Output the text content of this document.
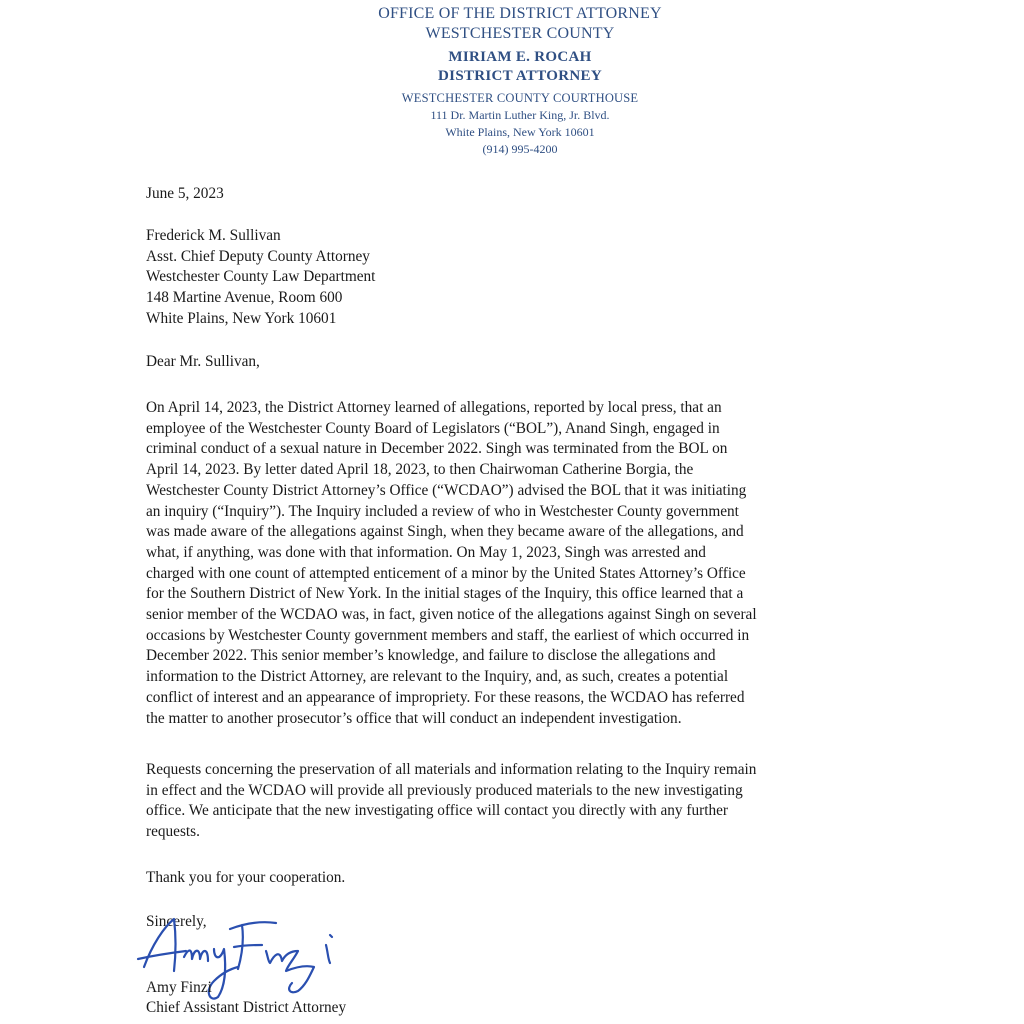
OFFICE OF THE DISTRICT ATTORNEY
WESTCHESTER COUNTY
MIRIAM E. ROCAH
DISTRICT ATTORNEY
WESTCHESTER COUNTY COURTHOUSE
111 Dr. Martin Luther King, Jr. Blvd.
White Plains, New York 10601
(914) 995-4200
June 5, 2023
Frederick M. Sullivan
Asst. Chief Deputy County Attorney
Westchester County Law Department
148 Martine Avenue, Room 600
White Plains, New York 10601
Dear Mr. Sullivan,
On April 14, 2023, the District Attorney learned of allegations, reported by local press, that an
employee of the Westchester County Board of Legislators (“BOL”), Anand Singh, engaged in
criminal conduct of a sexual nature in December 2022. Singh was terminated from the BOL on
April 14, 2023. By letter dated April 18, 2023, to then Chairwoman Catherine Borgia, the
Westchester County District Attorney’s Office (“WCDAO”) advised the BOL that it was initiating
an inquiry (“Inquiry”). The Inquiry included a review of who in Westchester County government
was made aware of the allegations against Singh, when they became aware of the allegations, and
what, if anything, was done with that information. On May 1, 2023, Singh was arrested and
charged with one count of attempted enticement of a minor by the United States Attorney’s Office
for the Southern District of New York. In the initial stages of the Inquiry, this office learned that a
senior member of the WCDAO was, in fact, given notice of the allegations against Singh on several
occasions by Westchester County government members and staff, the earliest of which occurred in
December 2022. This senior member’s knowledge, and failure to disclose the allegations and
information to the District Attorney, are relevant to the Inquiry, and, as such, creates a potential
conflict of interest and an appearance of impropriety. For these reasons, the WCDAO has referred
the matter to another prosecutor’s office that will conduct an independent investigation.
Requests concerning the preservation of all materials and information relating to the Inquiry remain
in effect and the WCDAO will provide all previously produced materials to the new investigating
office. We anticipate that the new investigating office will contact you directly with any further
requests.
Thank you for your cooperation.
Sincerely,
Amy Finzi
Chief Assistant District Attorney
